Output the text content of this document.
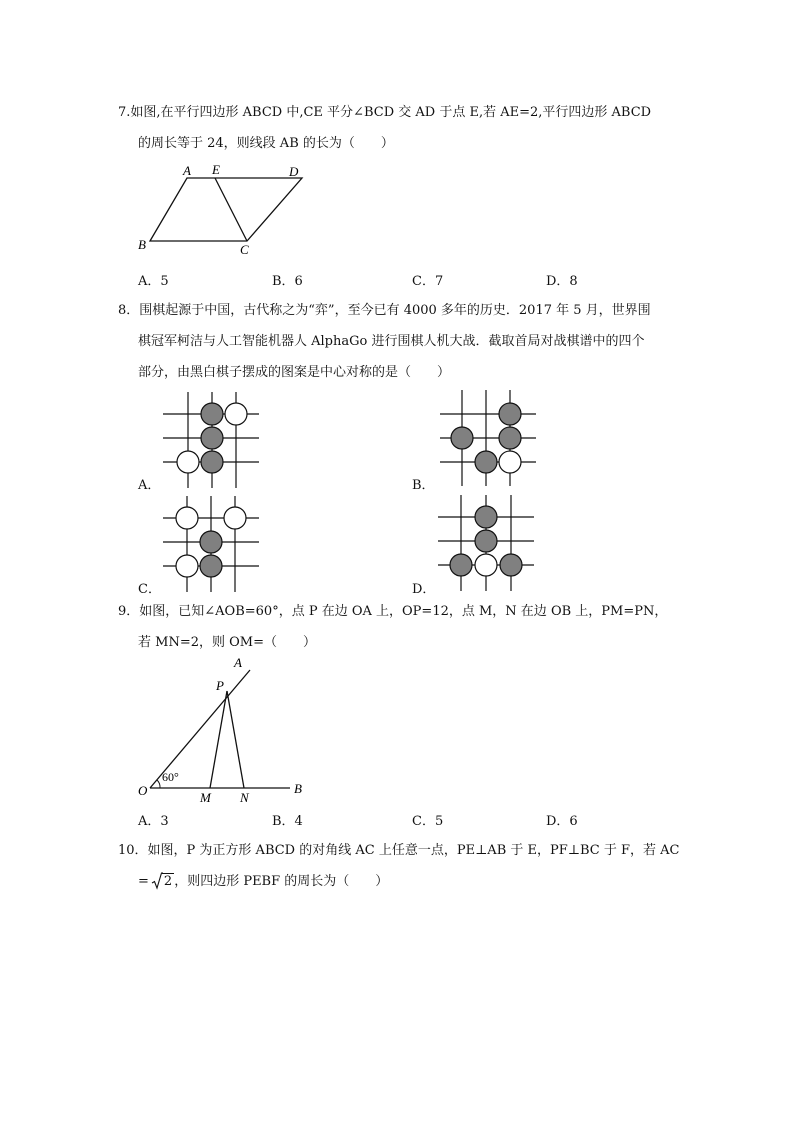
7.如图,在平行四边形 ABCD 中,CE 平分∠BCD 交 AD 于点 E,若 AE=2,平行四边形 ABCD
的周长等于 24，则线段 AB 的长为（　　）
A E	D
B	C
A．5	B．6	C．7	D．8
8．围棋起源于中国，古代称之为“弈”，至今已有 4000 多年的历史．2017 年 5 月，世界围
棋冠军柯洁与人工智能机器人 AlphaGo 进行围棋人机大战．截取首局对战棋谱中的四个
部分，由黑白棋子摆成的图案是中心对称的是（　　）
A．	B．
C．	D．
9．如图，已知∠AOB=60°，点 P 在边 OA 上，OP=12，点 M，N 在边 OB 上，PM=PN，
若 MN=2，则 OM=（　　）
A
P
O
60°
M N
B
A．3	B．4	C．5	D．6
10．如图，P 为正方形 ABCD 的对角线 AC 上任意一点，PE⊥AB 于 E，PF⊥BC 于 F，若 AC
= 2 ，则四边形 PEBF 的周长为（　　）
